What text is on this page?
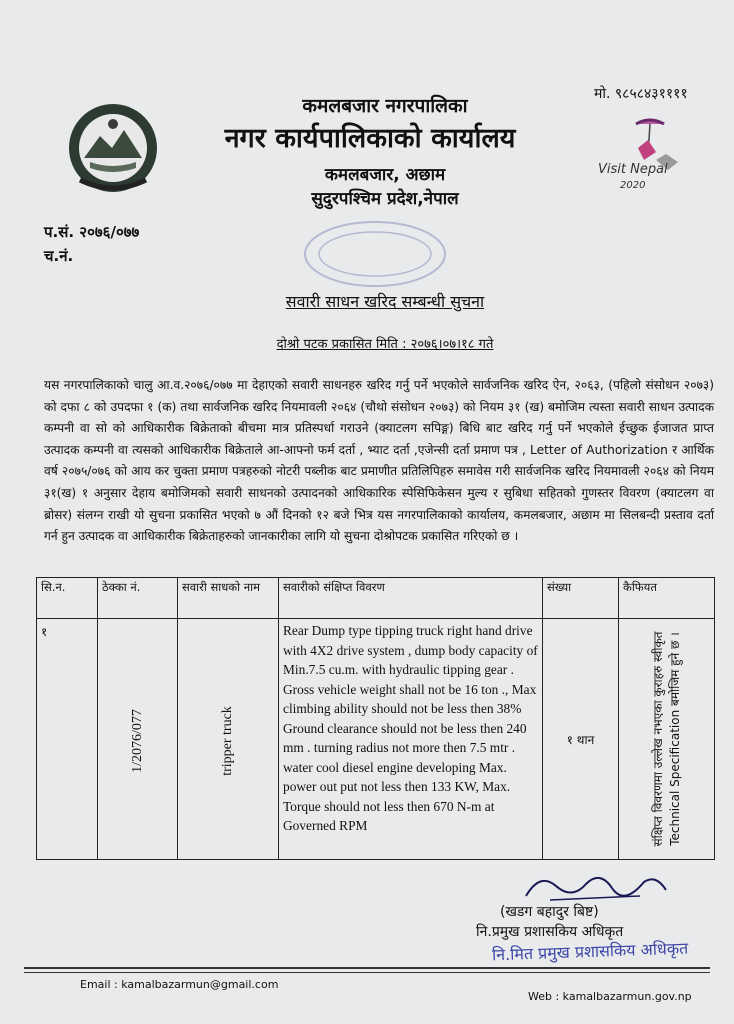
कमलबजार नगरपालिका
नगर कार्यपालिकाको कार्यालय
कमलबजार, अछाम
सुदुरपश्चिम प्रदेश,नेपाल
मो. ९८५८४३११११
Visit Nepal
2020
प.सं. २०७६/०७७
च.नं.
सवारी साधन खरिद सम्बन्धी सुचना
दोश्रो पटक प्रकासित मिति : २०७६।०७।१८ गते
यस नगरपालिकाको चालु आ.व.२०७६/०७७ मा देहाएको सवारी साधनहरु खरिद गर्नु पर्ने भएकोले सार्वजनिक खरिद ऐन, २०६३, (पहिलो संसोधन २०७३) को दफा ८ को उपदफा १ (क) तथा सार्वजनिक खरिद नियमावली २०६४ (चौथो संसोधन २०७३) को नियम ३१ (ख) बमोजिम त्यस्ता सवारी साधन उत्पादक कम्पनी वा सो को आधिकारीक बिक्रेताको बीचमा मात्र प्रतिस्पर्धा गराउने (क्याटलग सपिङ्ग) बिधि बाट खरिद गर्नु पर्ने भएकोले ईच्छुक ईजाजत प्राप्त उत्पादक कम्पनी वा त्यसको आधिकारीक बिक्रेताले आ-आफ्नो फर्म दर्ता , भ्याट दर्ता ,एजेन्सी दर्ता प्रमाण पत्र , Letter of Authorization र आर्थिक वर्ष २०७५/०७६ को आय कर चुक्ता प्रमाण पत्रहरुको नोटरी पब्लीक बाट प्रमाणीत प्रतिलिपिहरु समावेस गरी सार्वजनिक खरिद नियमावली २०६४ को नियम ३१(ख) १ अनुसार देहाय बमोजिमको सवारी साधनको उत्पादनको आधिकारिक स्पेसिफिकेसन मुल्य र सुबिधा सहितको गुणस्तर विवरण (क्याटलग वा ब्रोसर) संलग्न राखी यो सुचना प्रकासित भएको ७ औं दिनको १२ बजे भित्र यस नगरपालिकाको कार्यालय, कमलबजार, अछाम मा सिलबन्दी प्रस्ताव दर्ता गर्न हुन उत्पादक वा आधिकारीक बिक्रेताहरुको जानकारीका लागि यो सुचना दोश्रोपटक प्रकासित गरिएको छ ।
सि.न.	ठेक्का नं.	सवारी साधको नाम	सवारीको संक्षिप्त विवरण	संख्या	कैफियत
१	1/2076/077	tripper truck	Rear Dump type tipping truck right hand drive with 4X2 drive system , dump body capacity of Min.7.5 cu.m. with hydraulic tipping gear . Gross vehicle weight shall not be 16 ton ., Max climbing ability should not be less then 38% Ground clearance should not be less then 240 mm . turning radius not more then 7.5 mtr . water cool diesel engine developing Max. power out put not less then 133 KW, Max. Torque should not less then 670 N-m at Governed RPM	१ थान	संक्षिप्त विवरणमा उल्लेख नभएका कुराहरु स्वीकृत Technical Specification बमोजिम हुने छ ।
(खडग बहादुर बिष्ट)
नि.प्रमुख प्रशासकिय अधिकृत
नि.मित प्रमुख प्रशासकिय अधिकृत
Email : kamalbazarmun@gmail.com
Web : kamalbazarmun.gov.np
